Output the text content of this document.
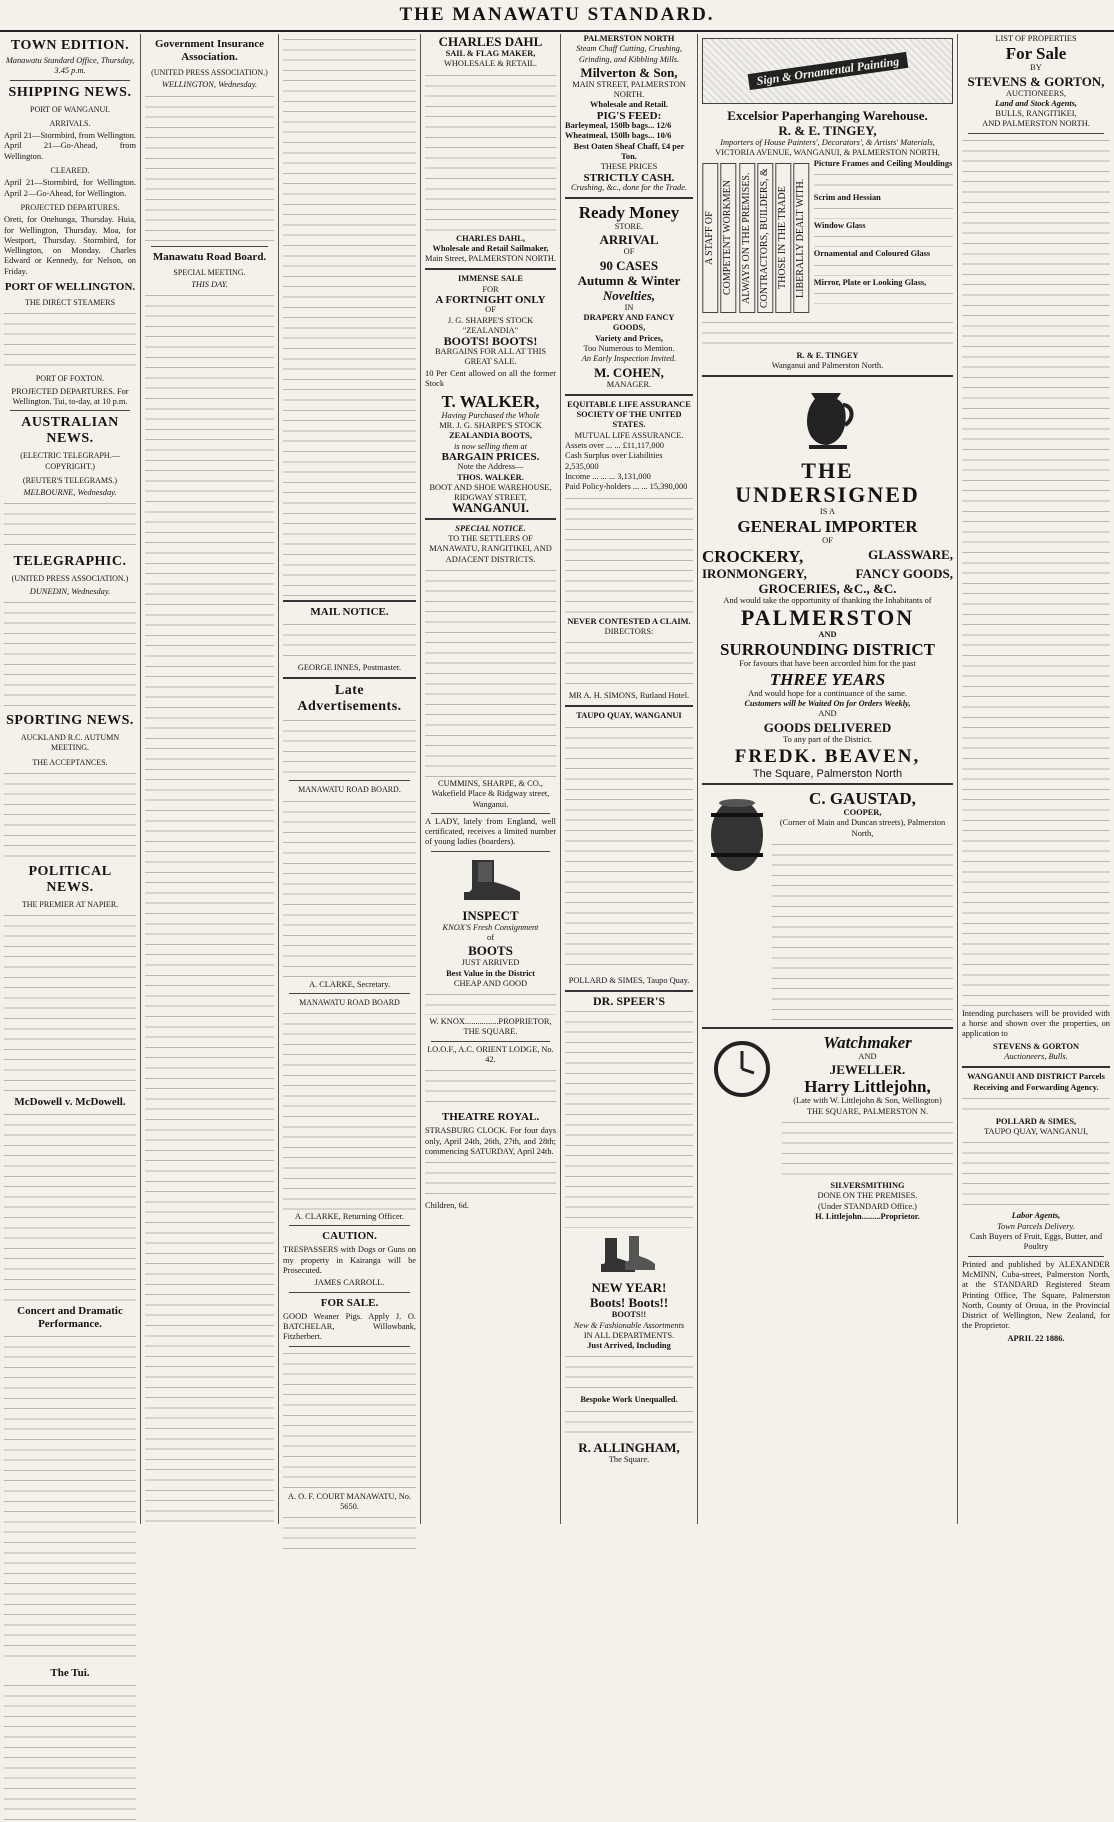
THE MANAWATU STANDARD.
TOWN EDITION.
Manawatu Standard Office, Thursday, 3.45 p.m.
SHIPPING NEWS.
PORT OF WANGANUI.
ARRIVALS.
April 21—Stormbird, from Wellington. April 21—Go-Ahead, from Wellington.
CLEARED.
April 21—Stormbird, for Wellington. April 2—Go-Ahead, for Wellington.
PROJECTED DEPARTURES.
Oreti, for Onehunga, Thursday. Huia, for Wellington, Thursday. Moa, for Westport, Thursday. Stormbird, for Wellington, on Monday. Charles Edward or Kennedy, for Nelson, on Friday.
PORT OF WELLINGTON.
THE DIRECT STEAMERS
PORT OF FOXTON.
PROJECTED DEPARTURES. For Wellington. Tui, to-day, at 10 p.m.
AUSTRALIAN NEWS.
(ELECTRIC TELEGRAPH.—COPYRIGHT.)
(REUTER'S TELEGRAMS.)
MELBOURNE, Wednesday.
TELEGRAPHIC.
(UNITED PRESS ASSOCIATION.)
DUNEDIN, Wednesday.
SPORTING NEWS.
AUCKLAND R.C. AUTUMN MEETING.
THE ACCEPTANCES.
POLITICAL NEWS.
THE PREMIER AT NAPIER.
McDowell v. McDowell.
Concert and Dramatic Performance.
The Tui.
Government Insurance Association.
(UNITED PRESS ASSOCIATION.)
WELLINGTON, Wednesday.
Manawatu Road Board.
SPECIAL MEETING.
THIS DAY.
MAIL NOTICE.
GEORGE INNES, Postmaster.
Late Advertisements.
MANAWATU ROAD BOARD.
A. CLARKE, Secretary.
MANAWATU ROAD BOARD
A. CLARKE, Returning Officer.
CAUTION.
TRESPASSERS with Dogs or Guns on my property in Kairanga will be Prosecuted.
JAMES CARROLL.
FOR SALE.
GOOD Weaner Pigs. Apply J. O. BATCHELAR, Willowbank, Fitzherbert.
A. O. F. COURT MANAWATU, No. 5650.
CHARLES DAHL
SAIL & FLAG MAKER,
WHOLESALE & RETAIL.
CHARLES DAHL,
Wholesale and Retail Sailmaker,
Main Street, PALMERSTON NORTH.
IMMENSE SALE
FOR
A FORTNIGHT ONLY
OF
J. G. SHARPE'S STOCK
"ZEALANDIA"
BOOTS! BOOTS!
BARGAINS FOR ALL AT THIS GREAT SALE.
10 Per Cent allowed on all the former Stock
T. WALKER,
Having Purchased the Whole
MR. J. G. SHARPE'S STOCK
ZEALANDIA BOOTS,
is now selling them at
BARGAIN PRICES.
Note the Address—
THOS. WALKER.
BOOT AND SHOE WAREHOUSE,
RIDGWAY STREET,
WANGANUI.
SPECIAL NOTICE.
TO THE SETTLERS OF MANAWATU, RANGITIKEI, AND ADJACENT DISTRICTS.
CUMMINS, SHARPE, & CO., Wakefield Place & Ridgway street, Wanganui.
A LADY, lately from England, well certificated, receives a limited number of young ladies (boarders).
INSPECT
KNOX'S Fresh Consignment
of
BOOTS
JUST ARRIVED
Best Value in the District
CHEAP AND GOOD
W. KNOX................PROPRIETOR,
THE SQUARE.
I.O.O.F., A.C. ORIENT LODGE, No. 42.
THEATRE ROYAL.
STRASBURG CLOCK. For four days only, April 24th, 26th, 27th, and 28th; commencing SATURDAY, April 24th.
Children, 6d.
PALMERSTON NORTH
Steam Chaff Cutting, Crushing, Grinding, and Kibbling Mills.
Milverton & Son,
MAIN STREET, PALMERSTON NORTH.
Wholesale and Retail.
PIG'S FEED:
Barleymeal, 150lb bags... 12/6
Wheatmeal, 150lb bags... 10/6
Best Oaten Sheaf Chaff, £4 per Ton.
THESE PRICES
STRICTLY CASH.
Crushing, &c., done for the Trade.
Ready Money
STORE.
ARRIVAL
OF
90 CASES
Autumn & Winter
Novelties,
IN
DRAPERY AND FANCY
GOODS,
Variety and Prices,
Too Numerous to Mention.
An Early Inspection Invited.
M. COHEN,
MANAGER.
EQUITABLE LIFE ASSURANCE SOCIETY OF THE UNITED STATES.
MUTUAL LIFE ASSURANCE.
Assets over ... ... £11,117,000
Cash Surplus over Liabilities 2,535,000
Income ... ... ... 3,131,000
Paid Policy-holders ... ... 15,390,000
NEVER CONTESTED A CLAIM.
DIRECTORS:
MR A. H. SIMONS, Rutland Hotel.
TAUPO QUAY, WANGANUI
POLLARD & SIMES, Taupo Quay.
DR. SPEER'S
NEW YEAR!
Boots! Boots!!
BOOTS!!
New & Fashionable Assortments
IN ALL DEPARTMENTS.
Just Arrived, Including
Bespoke Work Unequalled.
R. ALLINGHAM,
The Square.
Sign & Ornamental Painting
Excelsior Paperhanging Warehouse.
R. & E. TINGEY,
Importers of House Painters', Decorators', & Artists' Materials,
VICTORIA AVENUE, WANGANUI, & PALMERSTON NORTH,
A STAFF OF COMPETENT WORKMEN ALWAYS ON THE PREMISES. CONTRACTORS, BUILDERS, & THOSE IN THE TRADE LIBERALLY DEALT WITH.
Picture Frames and Ceiling Mouldings
Scrim and Hessian
Window Glass
Ornamental and Coloured Glass
Mirror, Plate or Looking Glass,
R. & E. TINGEY
Wanganui and Palmerston North.
THE
UNDERSIGNED
IS A
GENERAL IMPORTER
OF
CROCKERY,	GLASSWARE,
IRONMONGERY,	FANCY GOODS,
GROCERIES, &C., &C.
And would take the opportunity of thanking the Inhabitants of
PALMERSTON
AND
SURROUNDING DISTRICT
For favours that have been accorded him for the past
THREE YEARS
And would hope for a continuance of the same.
Customers will be Waited On for Orders Weekly,
AND
GOODS DELIVERED
To any part of the District.
FREDK. BEAVEN,
The Square, Palmerston North
C. GAUSTAD,
COOPER,
(Corner of Main and Duncan streets), Palmerston North,
Watchmaker
AND
JEWELLER.
Harry Littlejohn,
(Late with W. Littlejohn & Son, Wellington)
THE SQUARE, PALMERSTON N.
SILVERSMITHING
DONE ON THE PREMISES.
(Under STANDARD Office.)
H. Littlejohn.........Proprietor.
LIST OF PROPERTIES
For Sale
BY
STEVENS & GORTON,
AUCTIONEERS,
Land and Stock Agents,
BULLS, RANGITIKEI,
AND PALMERSTON NORTH.
Intending purchasers will be provided with a horse and shown over the properties, on application to
STEVENS & GORTON
Auctioneers, Bulls.
WANGANUI AND DISTRICT Parcels Receiving and Forwarding Agency.
POLLARD & SIMES,
TAUPO QUAY, WANGANUI,
Labor Agents,
Town Parcels Delivery.
Cash Buyers of Fruit, Eggs, Butter, and Poultry
Printed and published by ALEXANDER McMINN, Cuba-street, Palmerston North, at the STANDARD Registered Steam Printing Office, The Square, Palmerston North, County of Oroua, in the Provincial District of Wellington, New Zealand, for the Proprietor.
APRIL 22 1886.
